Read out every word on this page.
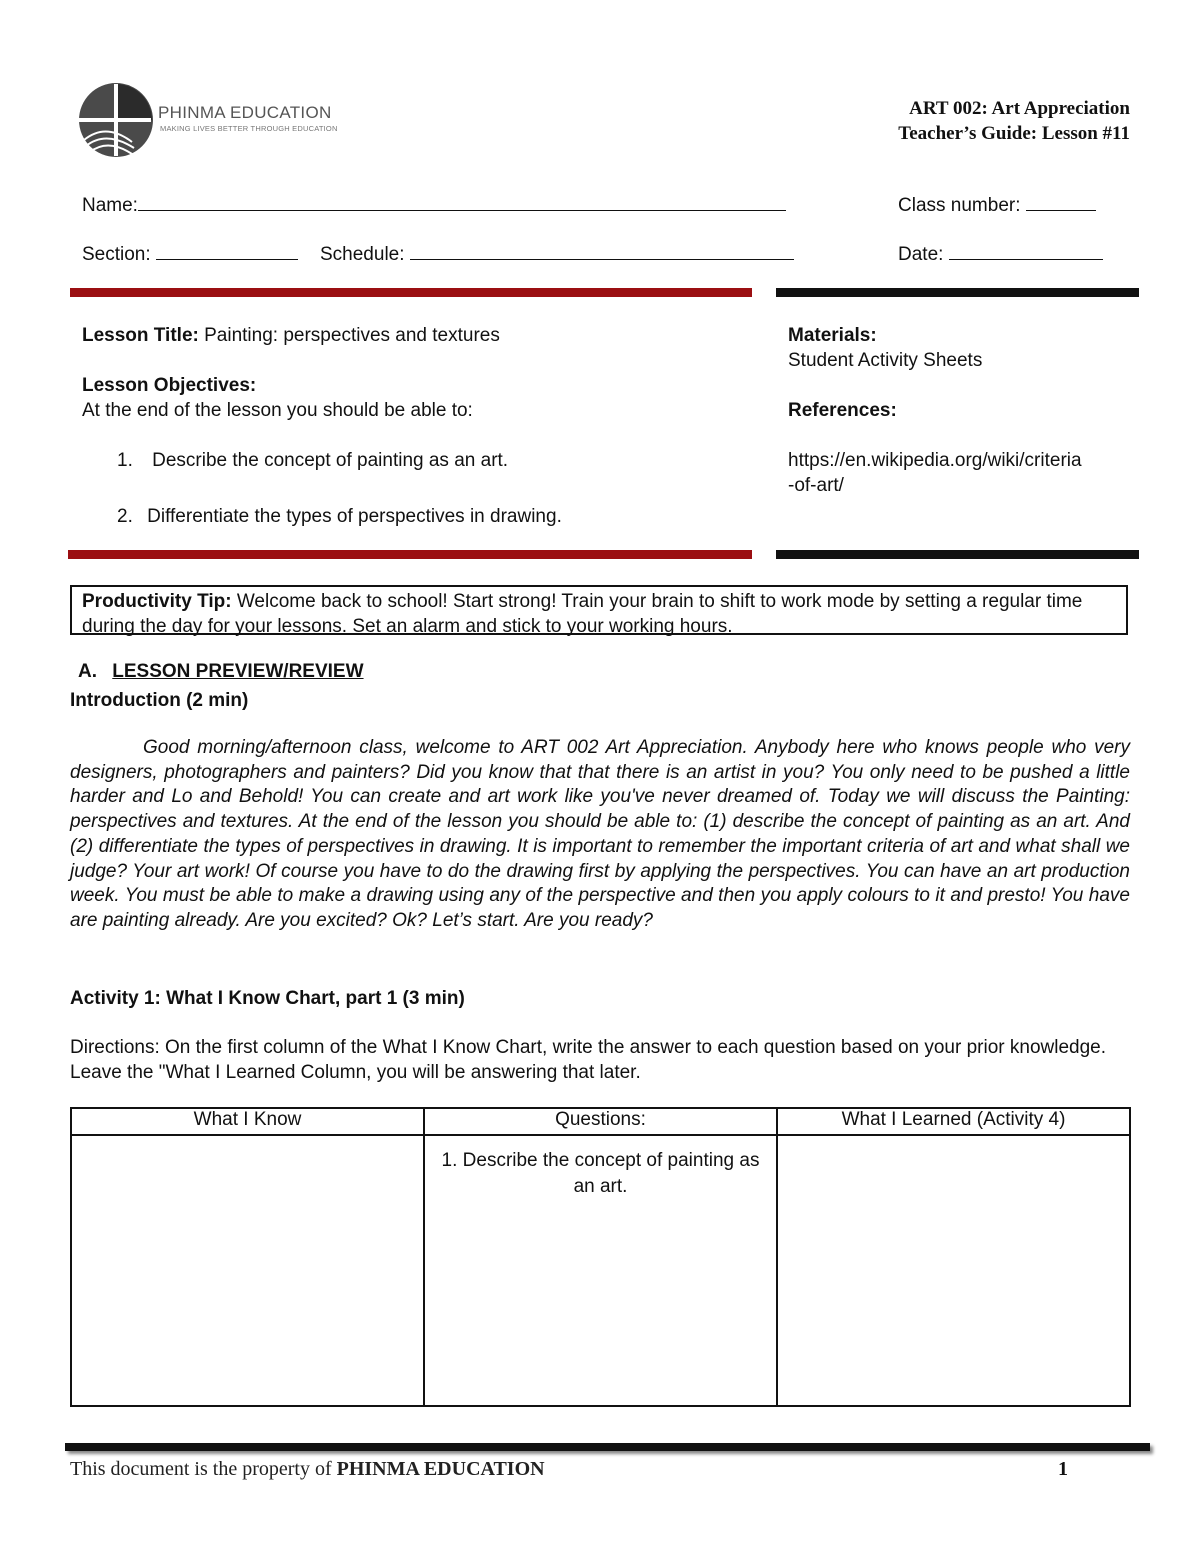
PHINMA EDUCATION
MAKING LIVES BETTER THROUGH EDUCATION
ART 002: Art Appreciation
Teacher’s Guide: Lesson #11
Name:	Class number:
Section:	Schedule:	Date:
Lesson Title: Painting: perspectives and textures
Lesson Objectives:
At the end of the lesson you should be able to:
1. Describe the concept of painting as an art.
2. Differentiate the types of perspectives in drawing.
Materials:
Student Activity Sheets
References:
https://en.wikipedia.org/wiki/criteria
-of-art/
Productivity Tip: Welcome back to school! Start strong! Train your brain to shift to work mode by setting a regular time during the day for your lessons. Set an alarm and stick to your working hours.
A. LESSON PREVIEW/REVIEW
Introduction (2 min)
Good morning/afternoon class, welcome to ART 002 Art Appreciation. Anybody here who knows people who very designers, photographers and painters? Did you know that that there is an artist in you? You only need to be pushed a little harder and Lo and Behold! You can create and art work like you've never dreamed of. Today we will discuss the Painting: perspectives and textures. At the end of the lesson you should be able to: (1) describe the concept of painting as an art. And (2) differentiate the types of perspectives in drawing. It is important to remember the important criteria of art and what shall we judge? Your art work! Of course you have to do the drawing first by applying the perspectives. You can have an art production week. You must be able to make a drawing using any of the perspective and then you apply colours to it and presto! You have are painting already. Are you excited? Ok? Let’s start. Are you ready?
Activity 1: What I Know Chart, part 1 (3 min)
Directions: On the first column of the What I Know Chart, write the answer to each question based on your prior knowledge. Leave the "What I Learned Column, you will be answering that later.
What I Know	Questions:	What I Learned (Activity 4)
	1. Describe the concept of painting as an art.	
This document is the property of PHINMA EDUCATION	1
